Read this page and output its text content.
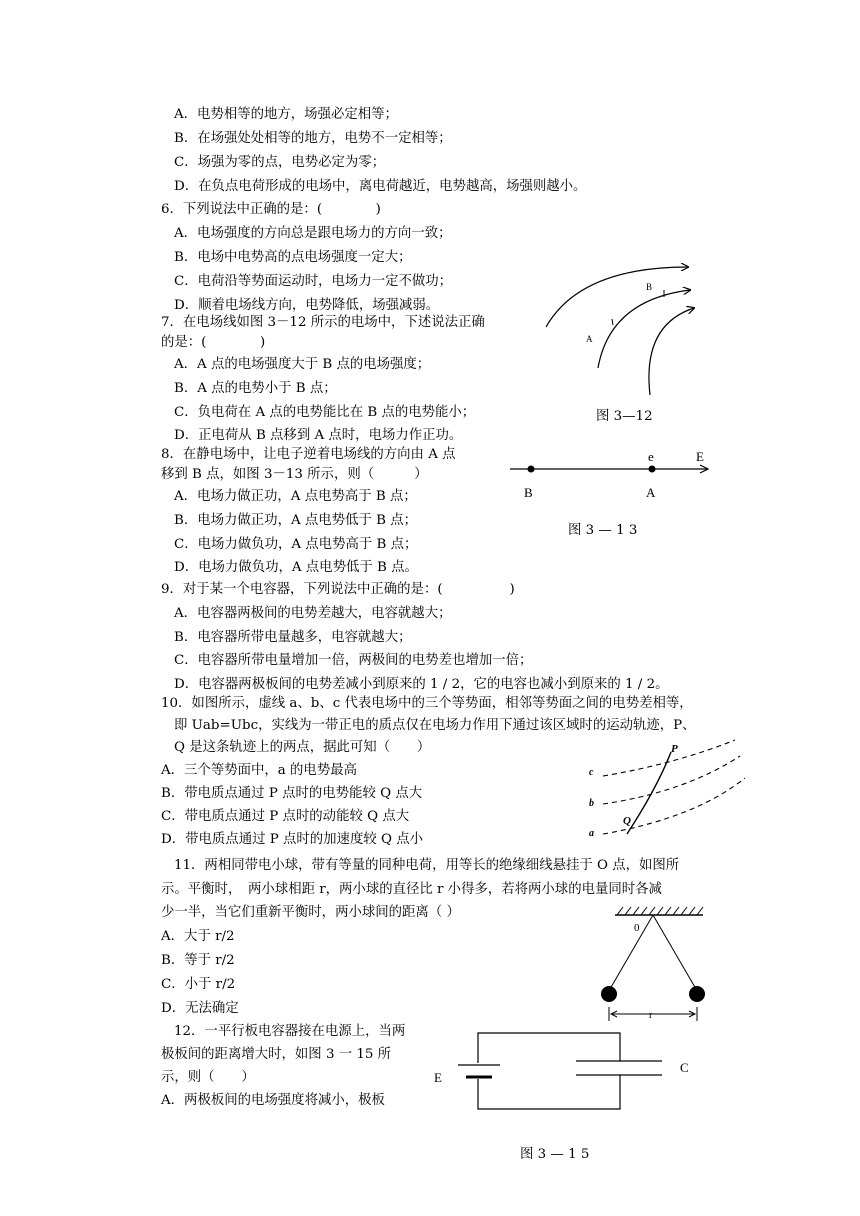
A．电势相等的地方，场强必定相等；
B．在场强处处相等的地方，电势不一定相等；
C．场强为零的点，电势必定为零；
D．在负点电荷形成的电场中，离电荷越近，电势越高，场强则越小。
6．下列说法中正确的是：(　　　　)
A．电场强度的方向总是跟电场力的方向一致；
B．电场中电势高的点电场强度一定大；
C．电荷沿等势面运动时，电场力一定不做功；
D．顺着电场线方向，电势降低，场强减弱。
7．在电场线如图 3－12 所示的电场中，下述说法正确
的是：(　　　　)
A．A 点的电场强度大于 B 点的电场强度；
B．A 点的电势小于 B 点；
C．负电荷在 A 点的电势能比在 B 点的电势能小；
D．正电荷从 B 点移到 A 点时，电场力作正功。
A
B
图 3—12
8．在静电场中，让电子逆着电场线的方向由 A 点
移到 B 点，如图 3－13 所示，则（　　　）
A．电场力做正功，A 点电势高于 B 点；
B．电场力做正功，A 点电势低于 B 点；
C．电场力做负功，A 点电势高于 B 点；
D．电场力做负功，A 点电势低于 B 点。
e	E
B	A
图 3 — 1 3
9．对于某一个电容器，下列说法中正确的是：(　　　　　)
A．电容器两极间的电势差越大，电容就越大；
B．电容器所带电量越多，电容就越大；
C．电容器所带电量增加一倍，两极间的电势差也增加一倍；
D．电容器两极板间的电势差减小到原来的 1 / 2，它的电容也减小到原来的 1 / 2。
10．如图所示，虚线 a、b、c 代表电场中的三个等势面，相邻等势面之间的电势差相等，
即 Uab=Ubc，实线为一带正电的质点仅在电场力作用下通过该区域时的运动轨迹，P、
Q 是这条轨迹上的两点，据此可知（　　）
A．三个等势面中，a 的电势最高
B．带电质点通过 P 点时的电势能较 Q 点大
C．带电质点通过 P 点时的动能较 Q 点大
D．带电质点通过 P 点时的加速度较 Q 点小
P
Q
c
b
a
11．两相同带电小球，带有等量的同种电荷，用等长的绝缘细线悬挂于 O 点，如图所
示。平衡时，　两小球相距 r，两小球的直径比 r 小得多，若将两小球的电量同时各减
少一半，当它们重新平衡时，两小球间的距离（ ）
A．大于 r/2
B．等于 r/2
C．小于 r/2
D．无法确定
0
r
12．一平行板电容器接在电源上，当两
极板间的距离增大时，如图 3 一 15 所
示，则（　　）
A．两极板间的电场强度将减小，极板
E
C
图 3 — 1 5
